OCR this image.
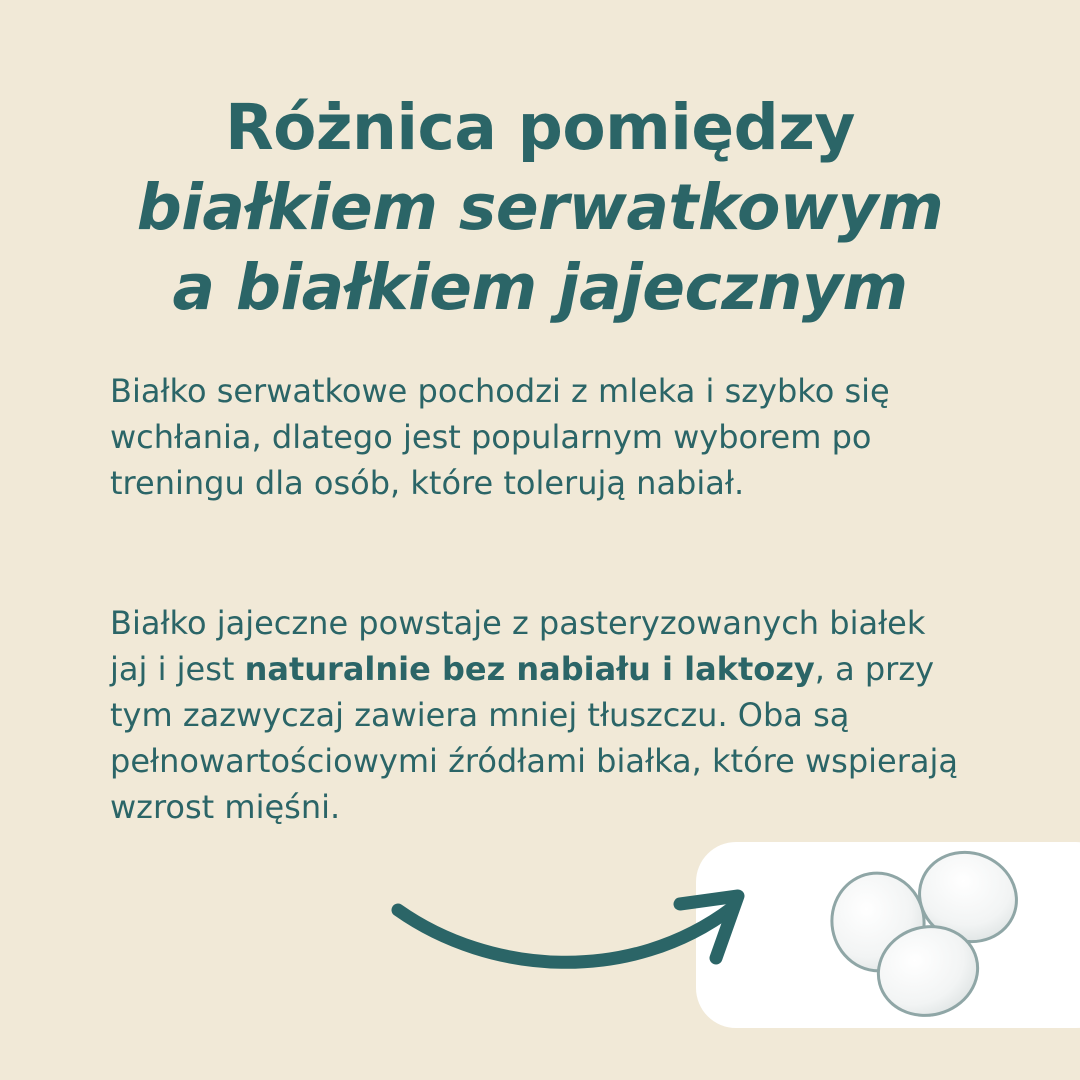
Różnica pomiędzy
białkiem serwatkowym
a białkiem jajecznym

Białko serwatkowe pochodzi z mleka i szybko się wchłania, dlatego jest popularnym wyborem po treningu dla osób, które tolerują nabiał.

Białko jajeczne powstaje z pasteryzowanych białek jaj i jest naturalnie bez nabiału i laktozy, a przy tym zazwyczaj zawiera mniej tłuszczu. Oba są pełnowartościowymi źródłami białka, które wspierają wzrost mięśni.
